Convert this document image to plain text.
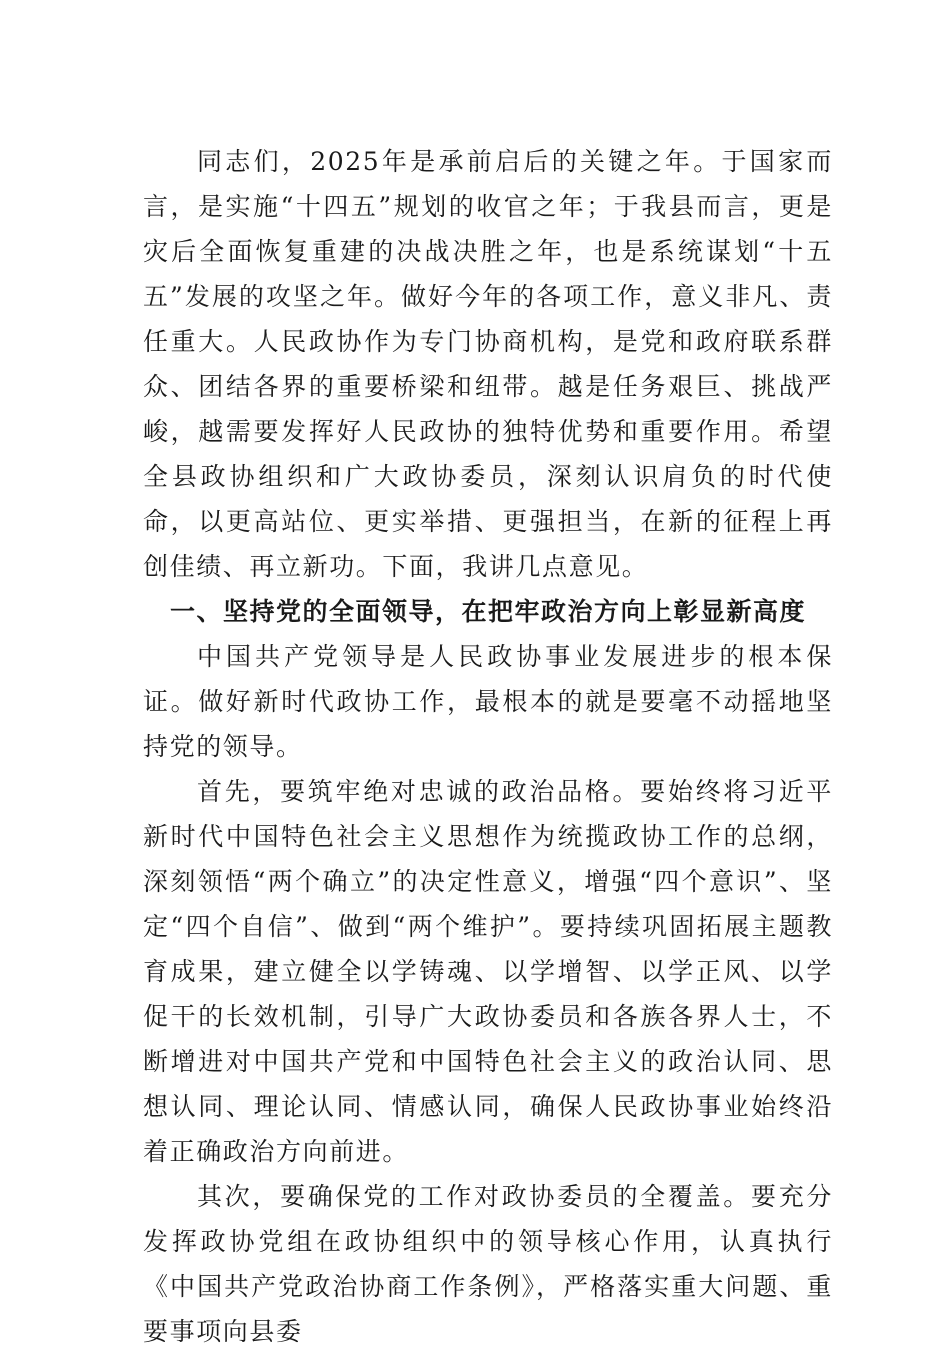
同志们，2025年是承前启后的关键之年。于国家而言，是实施“十四五”规划的收官之年；于我县而言，更是灾后全面恢复重建的决战决胜之年，也是系统谋划“十五五”发展的攻坚之年。做好今年的各项工作，意义非凡、责任重大。人民政协作为专门协商机构，是党和政府联系群众、团结各界的重要桥梁和纽带。越是任务艰巨、挑战严峻，越需要发挥好人民政协的独特优势和重要作用。希望全县政协组织和广大政协委员，深刻认识肩负的时代使命，以更高站位、更实举措、更强担当，在新的征程上再创佳绩、再立新功。下面，我讲几点意见。

一、坚持党的全面领导，在把牢政治方向上彰显新高度

中国共产党领导是人民政协事业发展进步的根本保证。做好新时代政协工作，最根本的就是要毫不动摇地坚持党的领导。

首先，要筑牢绝对忠诚的政治品格。要始终将习近平新时代中国特色社会主义思想作为统揽政协工作的总纲，深刻领悟“两个确立”的决定性意义，增强“四个意识”、坚定“四个自信”、做到“两个维护”。要持续巩固拓展主题教育成果，建立健全以学铸魂、以学增智、以学正风、以学促干的长效机制，引导广大政协委员和各族各界人士，不断增进对中国共产党和中国特色社会主义的政治认同、思想认同、理论认同、情感认同，确保人民政协事业始终沿着正确政治方向前进。

其次，要确保党的工作对政协委员的全覆盖。要充分发挥政协党组在政协组织中的领导核心作用，认真执行《中国共产党政治协商工作条例》，严格落实重大问题、重要事项向县委
